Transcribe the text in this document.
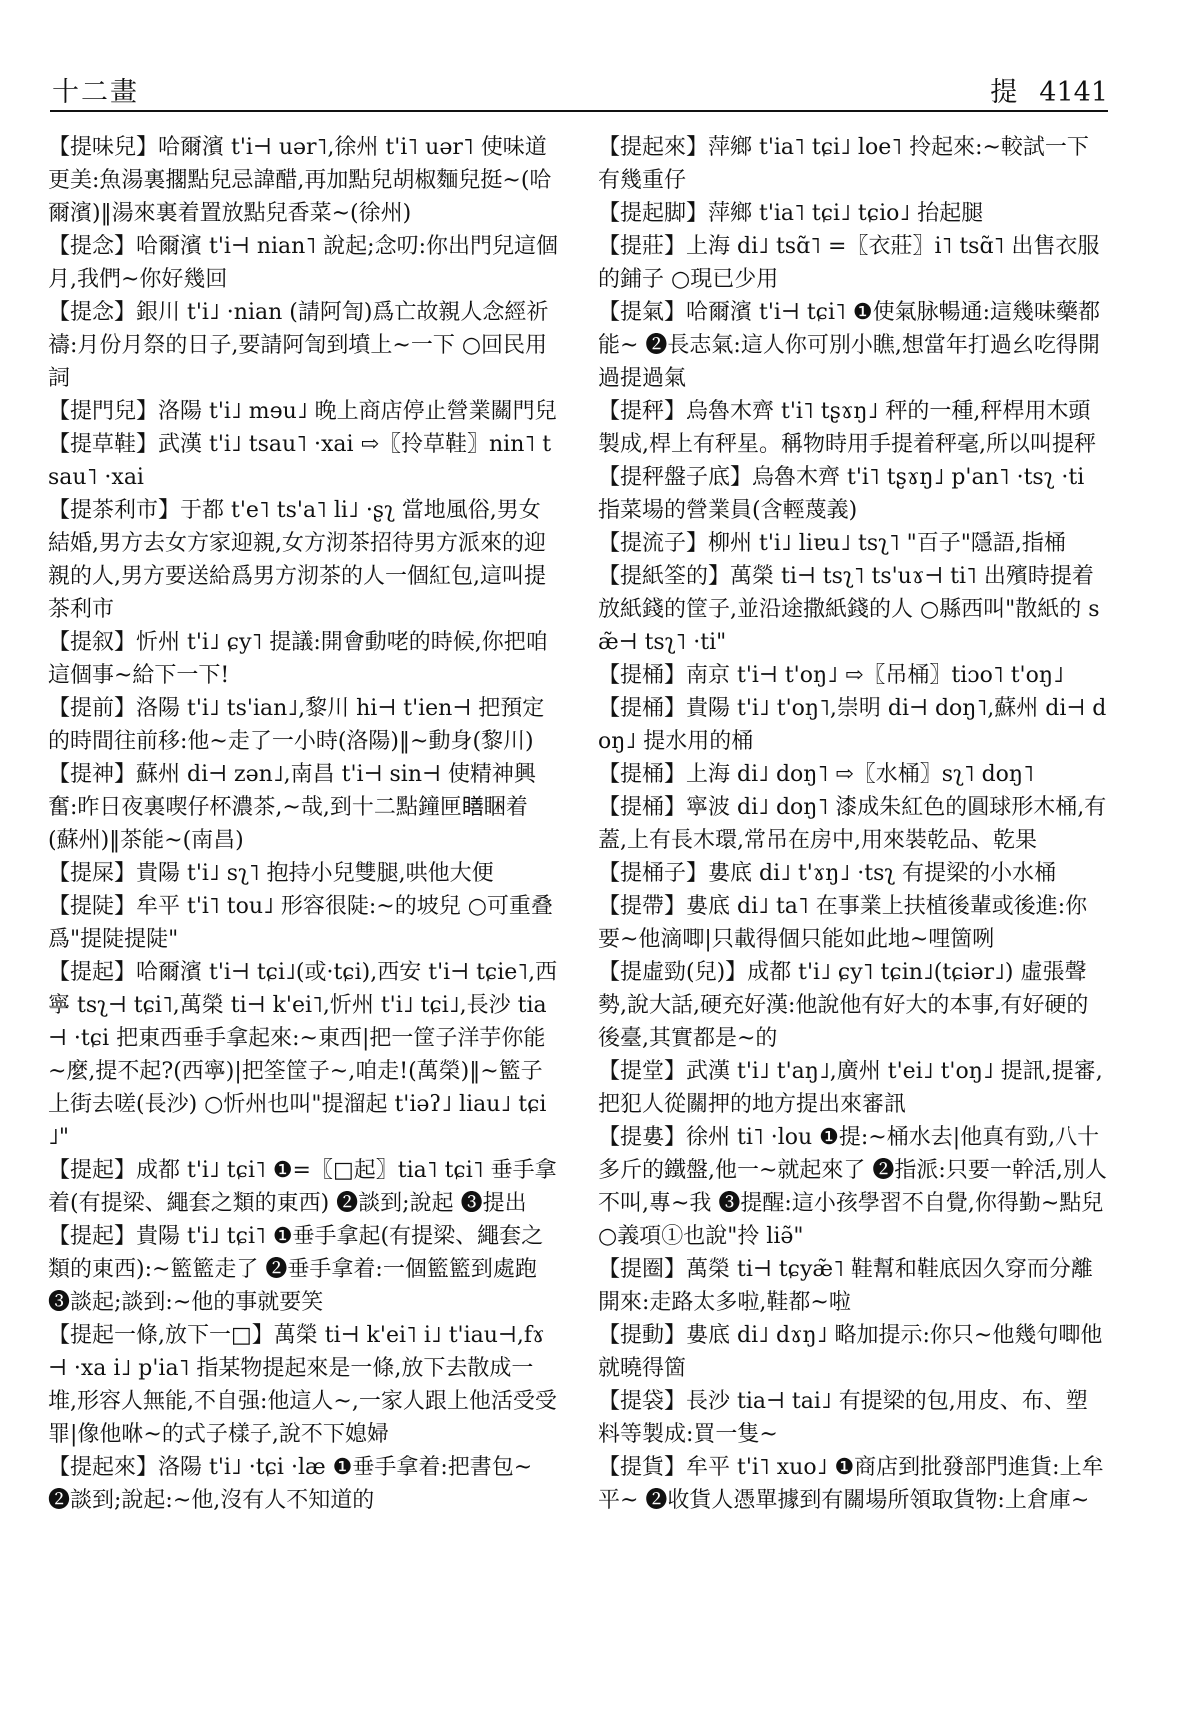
十二畫	提 4141
【提味兒】哈爾濱 t'i⊣ uər˥,徐州 t'i˥ uər˥ 使味道更美:魚湯裏擱點兒忌諱醋,再加點兒胡椒麵兒挺~(哈爾濱)‖湯來裏着置放點兒香菜~(徐州)
【提念】哈爾濱 t'i⊣ nian˥ 說起;念叨:你出門兒這個月,我們~你好幾回
【提念】銀川 t'i˩ ·nian (請阿訇)爲亡故親人念經祈禱:月份月祭的日子,要請阿訇到墳上~一下 ○回民用詞
【提門兒】洛陽 t'i˩ mɘu˩ 晚上商店停止營業關門兒
【提草鞋】武漢 t'i˩ tsau˥ ·xai ⇨〖拎草鞋〗nin˥ tsau˥ ·xai
【提茶利市】于都 t'e˥ ts'a˥ li˩ ·ʂʅ 當地風俗,男女結婚,男方去女方家迎親,女方沏茶招待男方派來的迎親的人,男方要送給爲男方沏茶的人一個紅包,這叫提茶利市
【提叙】忻州 t'i˩ ɕy˥ 提議:開會動咾的時候,你把咱這個事~給下一下!
【提前】洛陽 t'i˩ ts'ian˩,黎川 hi⊣ t'ien⊣ 把預定的時間往前移:他~走了一小時(洛陽)‖~動身(黎川)
【提神】蘇州 di⊣ zən˩,南昌 t'i⊣ sin⊣ 使精神興奮:昨日夜裏喫仔杯濃茶,~哉,到十二點鐘匣𥊳睏着(蘇州)‖茶能~(南昌)
【提屎】貴陽 t'i˩ sʅ˥ 抱持小兒雙腿,哄他大便
【提陡】牟平 t'i˥ tou˩ 形容很陡:~的坡兒 ○可重叠爲"提陡提陡"
【提起】哈爾濱 t'i⊣ tɕi˩(或·tɕi),西安 t'i⊣ tɕie˥,西寧 tsʅ⊣ tɕi˥,萬榮 ti⊣ k'ei˥,忻州 t'i˩ tɕi˩,長沙 tia⊣ ·tɕi 把東西垂手拿起來:~東西|把一筐子洋芋你能~麼,提不起?(西寧)|把筌筐子~,咱走!(萬榮)‖~籃子上街去嗟(長沙) ○忻州也叫"提溜起 t'iəʔ˩ liau˩ tɕi˩"
【提起】成都 t'i˩ tɕi˥ ❶=〖□起〗tia˥ tɕi˥ 垂手拿着(有提梁、繩套之類的東西) ❷談到;說起 ❸提出
【提起】貴陽 t'i˩ tɕi˥ ❶垂手拿起(有提梁、繩套之類的東西):~籃籃走了 ❷垂手拿着:一個籃籃到處跑 ❸談起;談到:~他的事就要笑
【提起一條,放下一□】萬榮 ti⊣ k'ei˥ i˩ t'iau⊣,fɤ⊣ ·xa i˩ p'ia˥ 指某物提起來是一條,放下去散成一堆,形容人無能,不自强:他這人~,一家人跟上他活受受罪|像他咻~的式子樣子,說不下媳婦
【提起來】洛陽 t'i˩ ·tɕi ·læ ❶垂手拿着:把書包~ ❷談到;說起:~他,沒有人不知道的
【提起來】萍鄉 t'ia˥ tɕi˩ loe˥ 拎起來:~較試一下有幾重仔
【提起脚】萍鄉 t'ia˥ tɕi˩ tɕio˩ 抬起腿
【提莊】上海 di˩ tsɑ̃˥ =〖衣莊〗i˥ tsɑ̃˥ 出售衣服的鋪子 ○現已少用
【提氣】哈爾濱 t'i⊣ tɕi˥ ❶使氣脉暢通:這幾味藥都能~ ❷長志氣:這人你可別小瞧,想當年打過幺吃得開過提過氣
【提秤】烏魯木齊 t'i˥ tʂɤŋ˩ 秤的一種,秤桿用木頭製成,桿上有秤星。稱物時用手提着秤毫,所以叫提秤
【提秤盤子底】烏魯木齊 t'i˥ tʂɤŋ˩ p'an˥ ·tsʅ ·ti 指菜場的營業員(含輕蔑義)
【提流子】柳州 t'i˩ liɐu˩ tsʅ˥ "百子"隱語,指桶
【提紙筌的】萬榮 ti⊣ tsʅ˥ ts'uɤ⊣ ti˥ 出殯時提着放紙錢的筐子,並沿途撒紙錢的人 ○縣西叫"散紙的 sæ̃⊣ tsʅ˥ ·ti"
【提桶】南京 t'i⊣ t'oŋ˩ ⇨〖吊桶〗tiɔo˥ t'oŋ˩
【提桶】貴陽 t'i˩ t'oŋ˥,崇明 di⊣ doŋ˥,蘇州 di⊣ doŋ˩ 提水用的桶
【提桶】上海 di˩ doŋ˥ ⇨〖水桶〗sʅ˥ doŋ˥
【提桶】寧波 di˩ doŋ˥ 漆成朱紅色的圓球形木桶,有蓋,上有長木環,常吊在房中,用來裝乾品、乾果
【提桶子】婁底 di˩ t'ɤŋ˩ ·tsʅ 有提梁的小水桶
【提帶】婁底 di˩ ta˥ 在事業上扶植後輩或後進:你要~他滴唧|只載得個只能如此地~哩箇咧
【提虛勁(兒)】成都 t'i˩ ɕy˥ tɕin˩(tɕiər˩) 虛張聲勢,說大話,硬充好漢:他說他有好大的本事,有好硬的後臺,其實都是~的
【提堂】武漢 t'i˩ t'aŋ˩,廣州 t'ei˩ t'oŋ˩ 提訊,提審,把犯人從關押的地方提出來審訊
【提婁】徐州 ti˥ ·lou ❶提:~桶水去|他真有勁,八十多斤的鐵盤,他一~就起來了 ❷指派:只要一幹活,別人不叫,專~我 ❸提醒:這小孩學習不自覺,你得勤~點兒 ○義項①也說"拎 liə̃"
【提圈】萬榮 ti⊣ tɕyæ̃˥ 鞋幫和鞋底因久穿而分離開來:走路太多啦,鞋都~啦
【提動】婁底 di˩ dɤŋ˩ 略加提示:你只~他幾句唧他就曉得箇
【提袋】長沙 tia⊣ tai˩ 有提梁的包,用皮、布、塑料等製成:買一隻~
【提貨】牟平 t'i˥ xuo˩ ❶商店到批發部門進貨:上牟平~ ❷收貨人憑單據到有關場所領取貨物:上倉庫~
